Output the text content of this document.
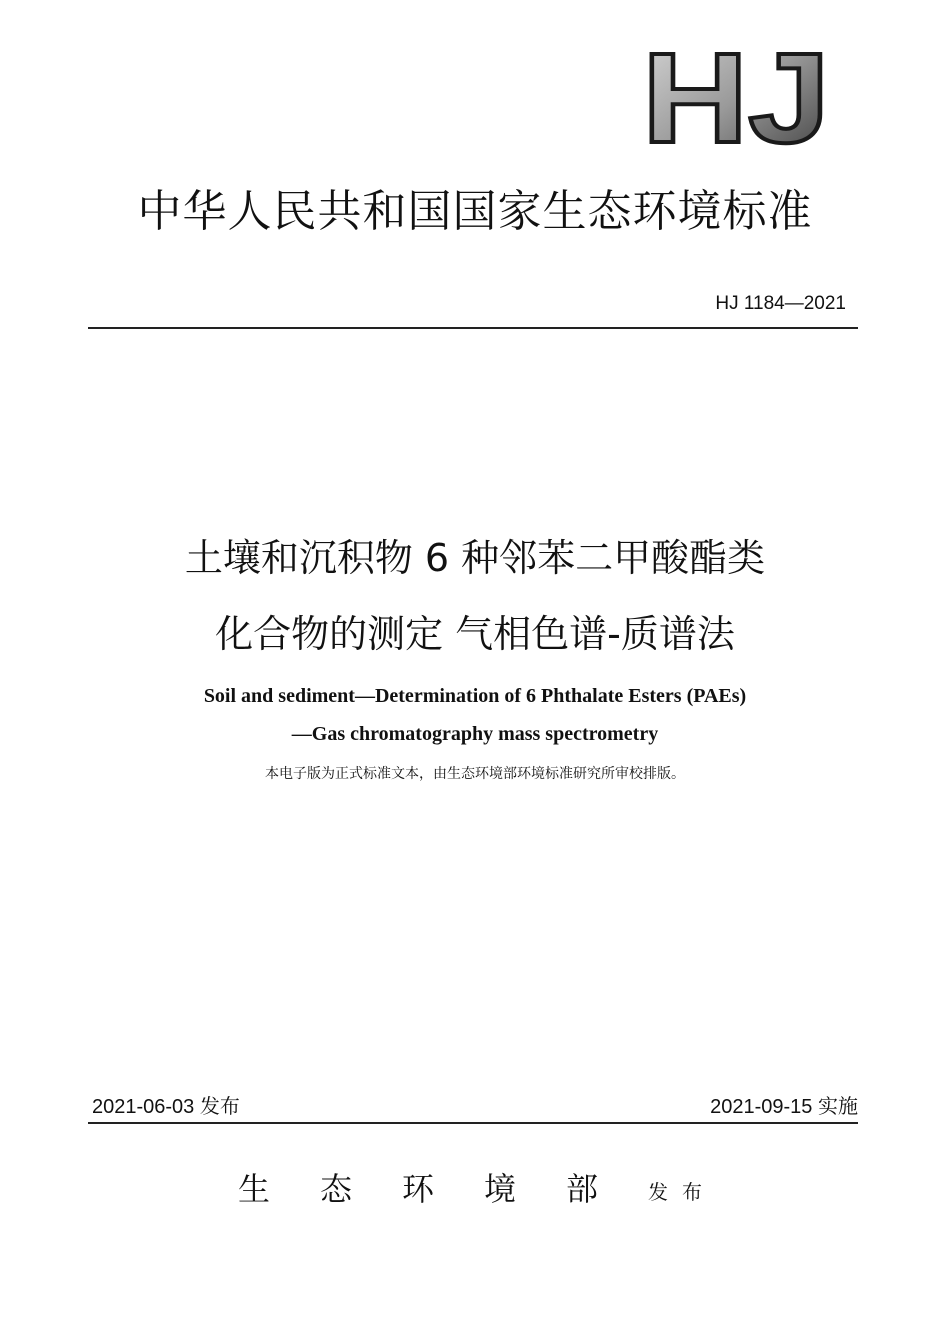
HJ
中华人民共和国国家生态环境标准
HJ 1184—2021
土壤和沉积物 6 种邻苯二甲酸酯类
化合物的测定 气相色谱-质谱法
Soil and sediment—Determination of 6 Phthalate Esters (PAEs)
—Gas chromatography mass spectrometry
本电子版为正式标准文本，由生态环境部环境标准研究所审校排版。
2021-06-03 发布	2021-09-15 实施
生态环境部 发布
